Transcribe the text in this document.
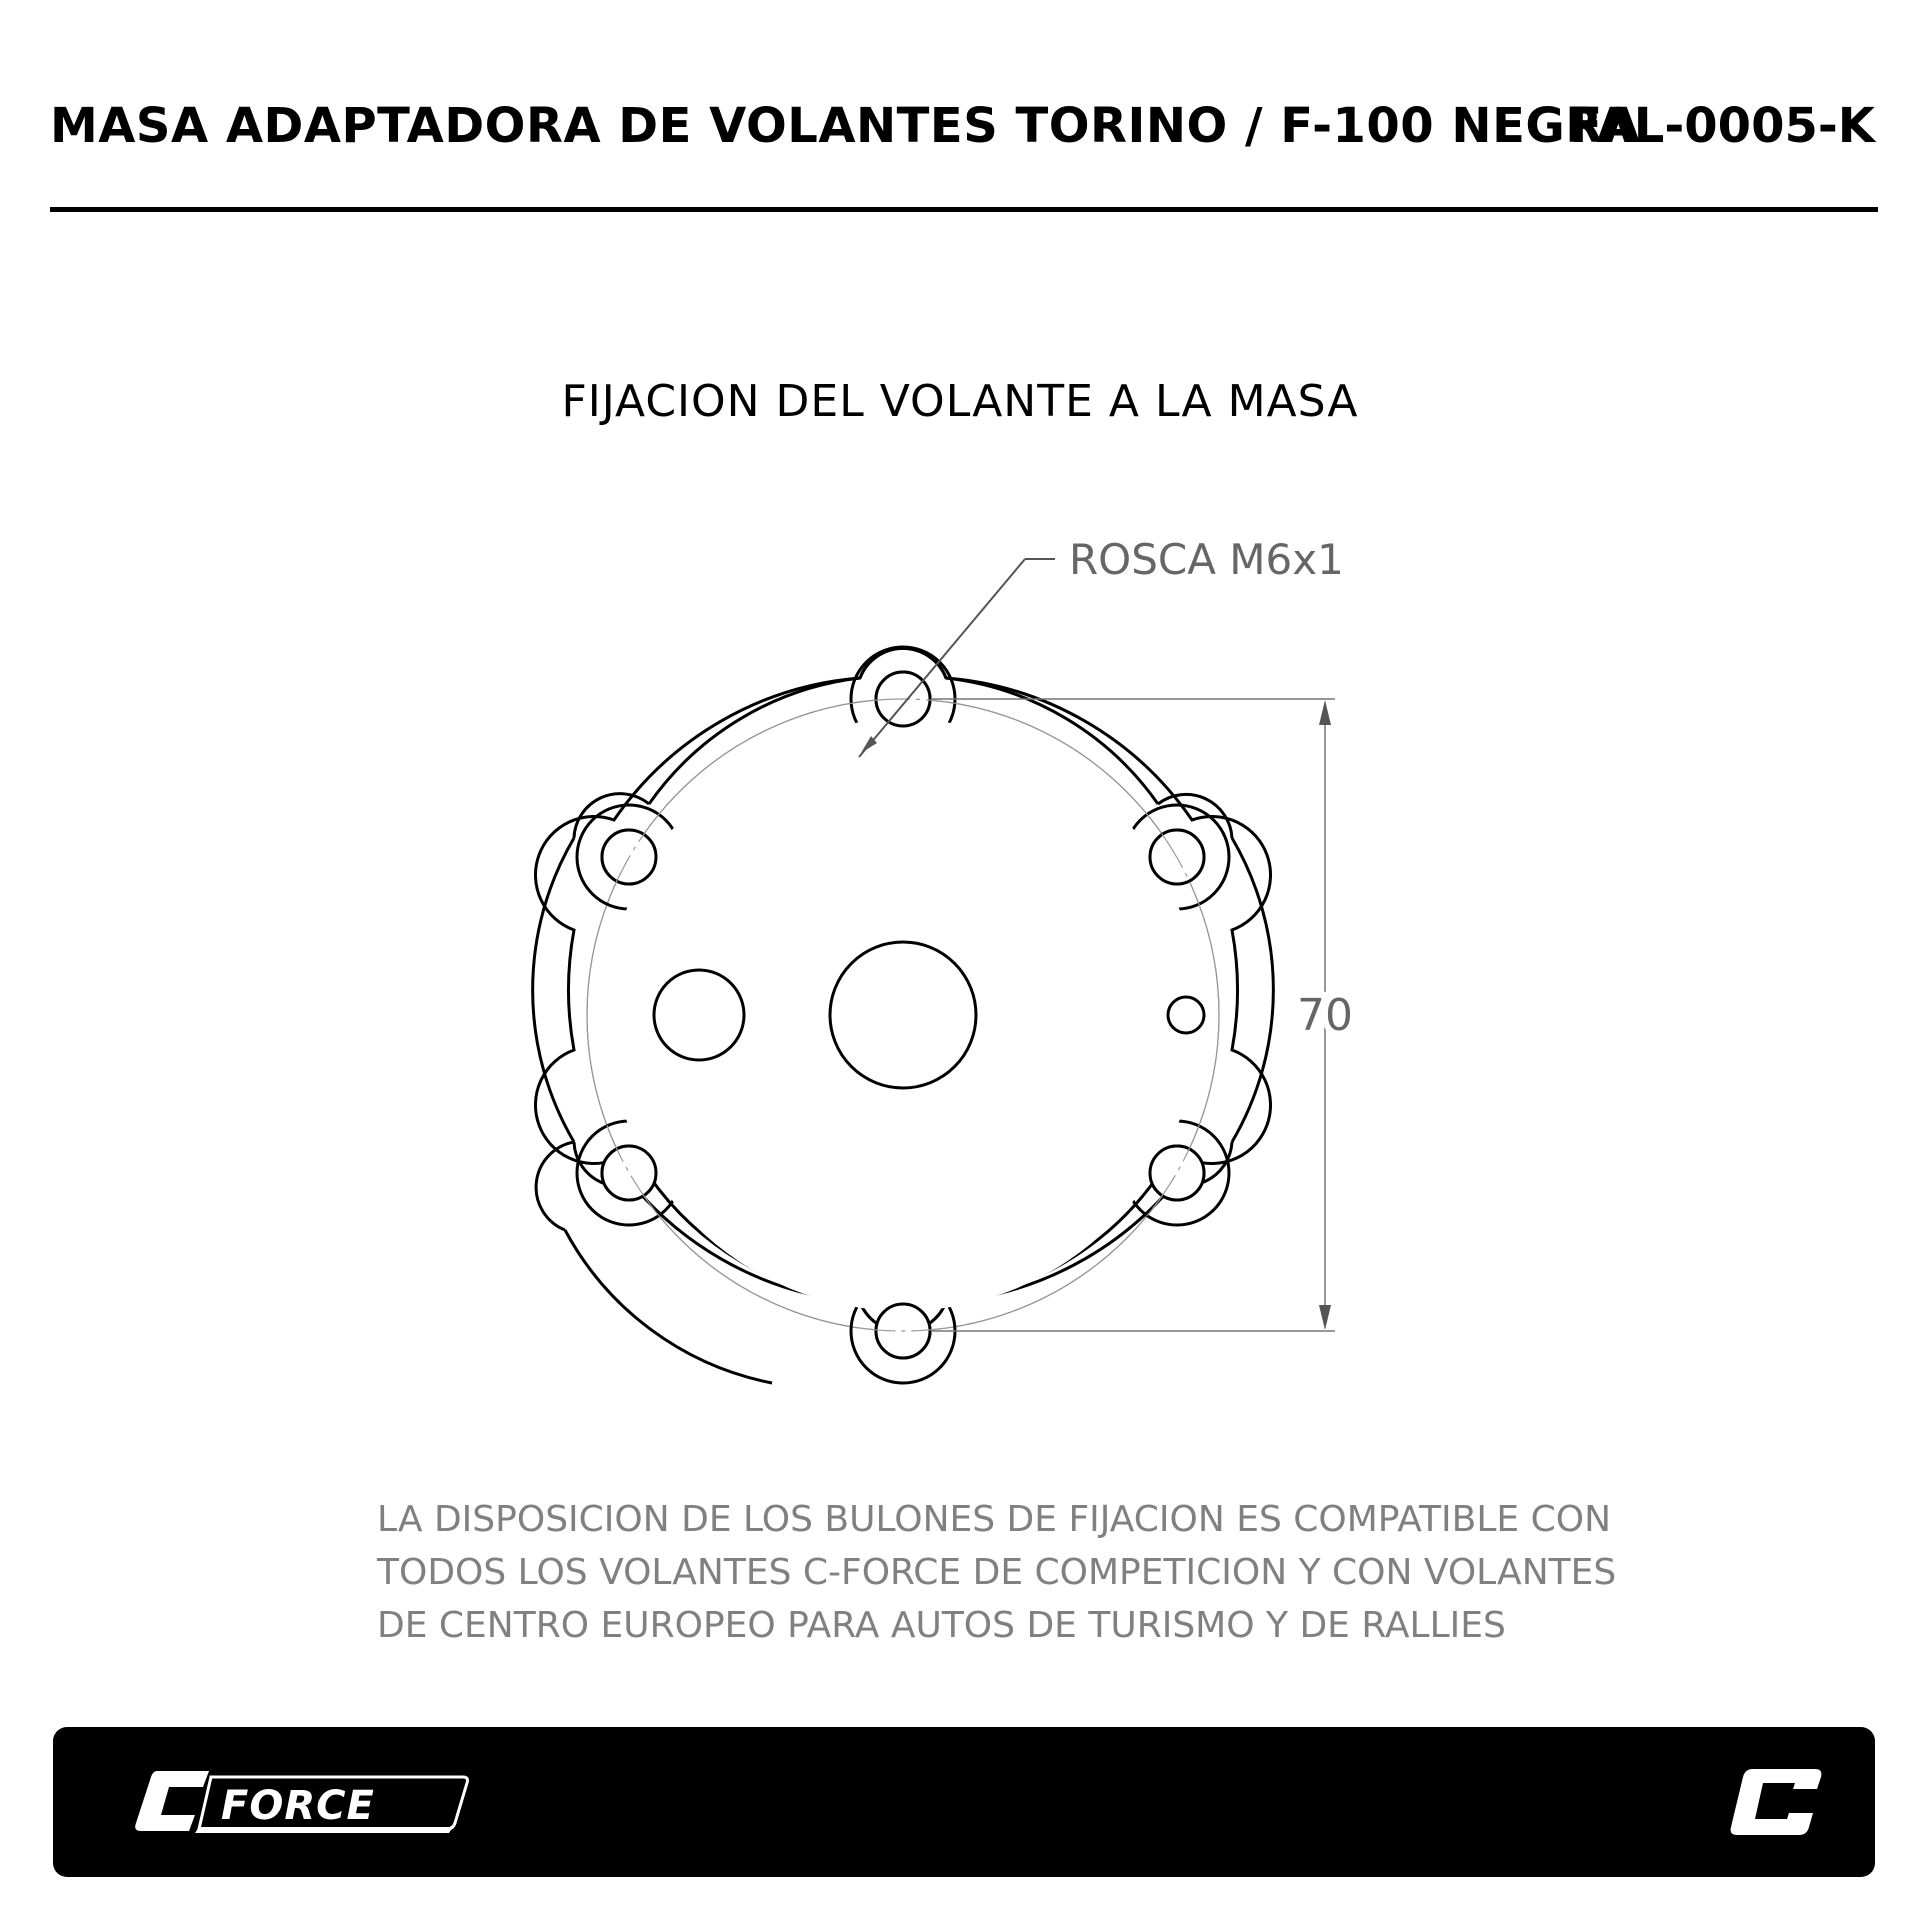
MASA ADAPTADORA DE VOLANTES TORINO / F-100 NEGRA
FAL-0005-K
FIJACION DEL VOLANTE A LA MASA
ROSCA M6x1
70
LA DISPOSICION DE LOS BULONES DE FIJACION ES COMPATIBLE CON
TODOS LOS VOLANTES C-FORCE DE COMPETICION Y CON VOLANTES
DE CENTRO EUROPEO PARA AUTOS DE TURISMO Y DE RALLIES
FORCE
